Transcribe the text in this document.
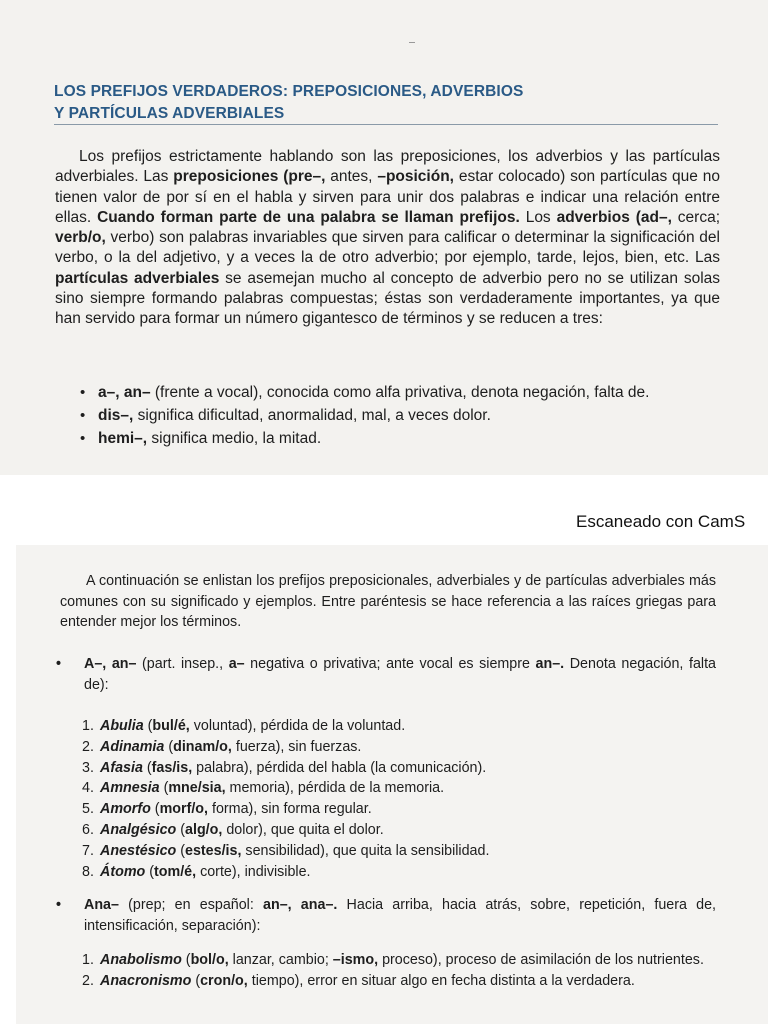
LOS PREFIJOS VERDADEROS: PREPOSICIONES, ADVERBIOS
Y PARTÍCULAS ADVERBIALES

Los prefijos estrictamente hablando son las preposiciones, los adverbios y las partículas adverbiales. Las preposiciones (pre–, antes, –posición, estar colocado) son partículas que no tienen valor de por sí en el habla y sirven para unir dos palabras e indicar una relación entre ellas. Cuando forman parte de una palabra se llaman prefijos. Los adverbios (ad–, cerca; verb/o, verbo) son palabras invariables que sirven para calificar o determinar la significación del verbo, o la del adjetivo, y a veces la de otro adverbio; por ejemplo, tarde, lejos, bien, etc. Las partículas adverbiales se asemejan mucho al concepto de adverbio pero no se utilizan solas sino siempre formando palabras compuestas; éstas son verdaderamente importantes, ya que han servido para formar un número gigantesco de términos y se reducen a tres:

• a–, an– (frente a vocal), conocida como alfa privativa, denota negación, falta de.
• dis–, significa dificultad, anormalidad, mal, a veces dolor.
• hemi–, significa medio, la mitad.

Escaneado con CamS

A continuación se enlistan los prefijos preposicionales, adverbiales y de partículas adverbiales más comunes con su significado y ejemplos. Entre paréntesis se hace referencia a las raíces griegas para entender mejor los términos.

• A–, an– (part. insep., a– negativa o privativa; ante vocal es siempre an–. Denota negación, falta de):

1. Abulia (bul/é, voluntad), pérdida de la voluntad.
2. Adinamia (dinam/o, fuerza), sin fuerzas.
3. Afasia (fas/is, palabra), pérdida del habla (la comunicación).
4. Amnesia (mne/sia, memoria), pérdida de la memoria.
5. Amorfo (morf/o, forma), sin forma regular.
6. Analgésico (alg/o, dolor), que quita el dolor.
7. Anestésico (estes/is, sensibilidad), que quita la sensibilidad.
8. Átomo (tom/é, corte), indivisible.

• Ana– (prep; en español: an–, ana–. Hacia arriba, hacia atrás, sobre, repetición, fuera de, intensificación, separación):

1. Anabolismo (bol/o, lanzar, cambio; –ismo, proceso), proceso de asimilación de los nutrientes.
2. Anacronismo (cron/o, tiempo), error en situar algo en fecha distinta a la verdadera.
